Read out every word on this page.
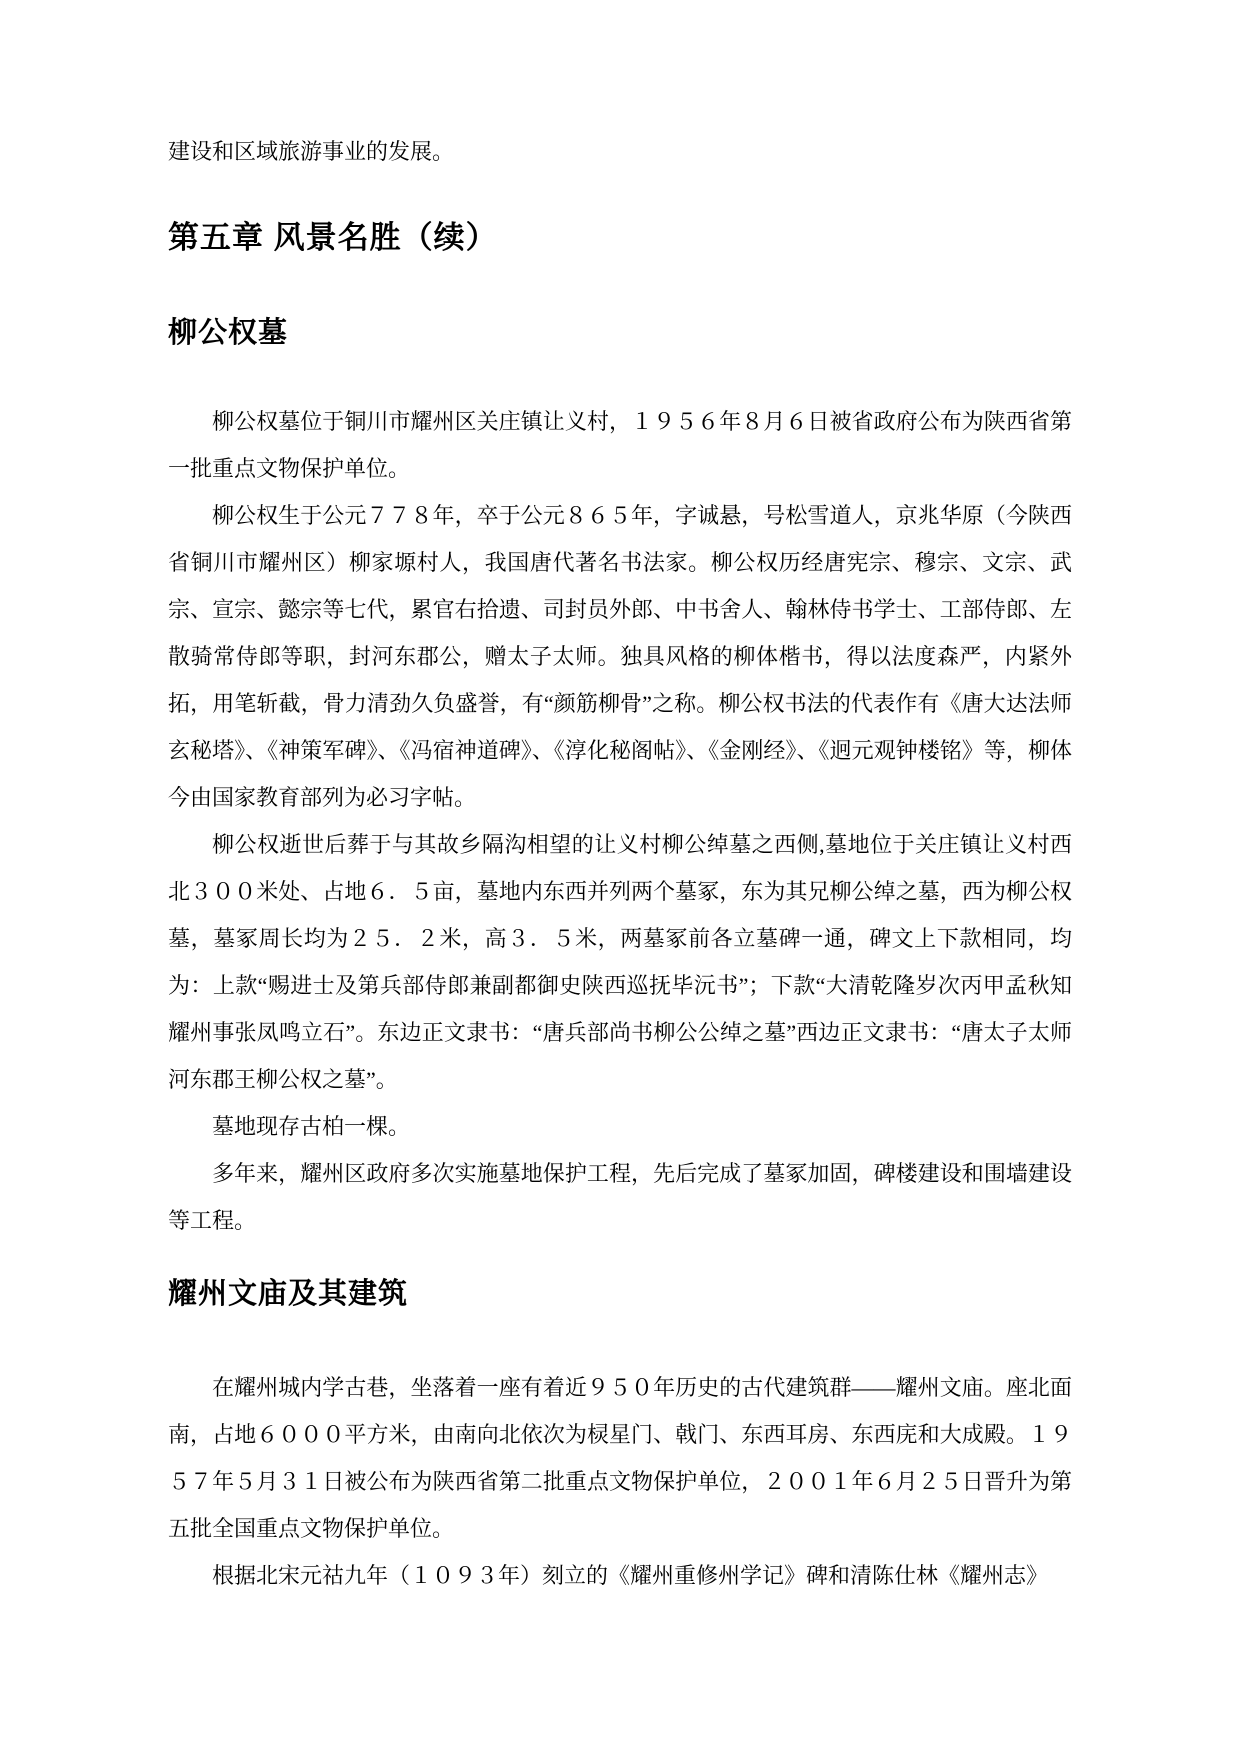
建设和区域旅游事业的发展。

第五章 风景名胜（续）
柳公权墓

柳公权墓位于铜川市耀州区关庄镇让义村，１９５６年８月６日被省政府公布为陕西省第一批重点文物保护单位。

柳公权生于公元７７８年，卒于公元８６５年，字诚悬，号松雪道人，京兆华原（今陕西省铜川市耀州区）柳家塬村人，我国唐代著名书法家。柳公权历经唐宪宗、穆宗、文宗、武宗、宣宗、懿宗等七代，累官右拾遗、司封员外郎、中书舍人、翰林侍书学士、工部侍郎、左散骑常侍郎等职，封河东郡公，赠太子太师。独具风格的柳体楷书，得以法度森严，内紧外拓，用笔斩截，骨力清劲久负盛誉，有“颜筋柳骨”之称。柳公权书法的代表作有《唐大达法师玄秘塔》、《神策军碑》、《冯宿神道碑》、《淳化秘阁帖》、《金刚经》、《迥元观钟楼铭》等，柳体今由国家教育部列为必习字帖。

柳公权逝世后葬于与其故乡隔沟相望的让义村柳公绰墓之西侧,墓地位于关庄镇让义村西北３００米处、占地６．５亩，墓地内东西并列两个墓冢，东为其兄柳公绰之墓，西为柳公权墓，墓冢周长均为２５．２米，高３．５米，两墓冢前各立墓碑一通，碑文上下款相同，均为：上款“赐进士及第兵部侍郎兼副都御史陕西巡抚毕沅书”；下款“大清乾隆岁次丙甲孟秋知耀州事张凤鸣立石”。东边正文隶书：“唐兵部尚书柳公公绰之墓”西边正文隶书：“唐太子太师河东郡王柳公权之墓”。

墓地现存古柏一棵。

多年来，耀州区政府多次实施墓地保护工程，先后完成了墓冢加固，碑楼建设和围墙建设等工程。

耀州文庙及其建筑

在耀州城内学古巷，坐落着一座有着近９５０年历史的古代建筑群——耀州文庙。座北面南，占地６０００平方米，由南向北依次为棂星门、戟门、东西耳房、东西庑和大成殿。１９５７年５月３１日被公布为陕西省第二批重点文物保护单位，２００１年６月２５日晋升为第五批全国重点文物保护单位。

根据北宋元祜九年（１０９３年）刻立的《耀州重修州学记》碑和清陈仕林《耀州志》
